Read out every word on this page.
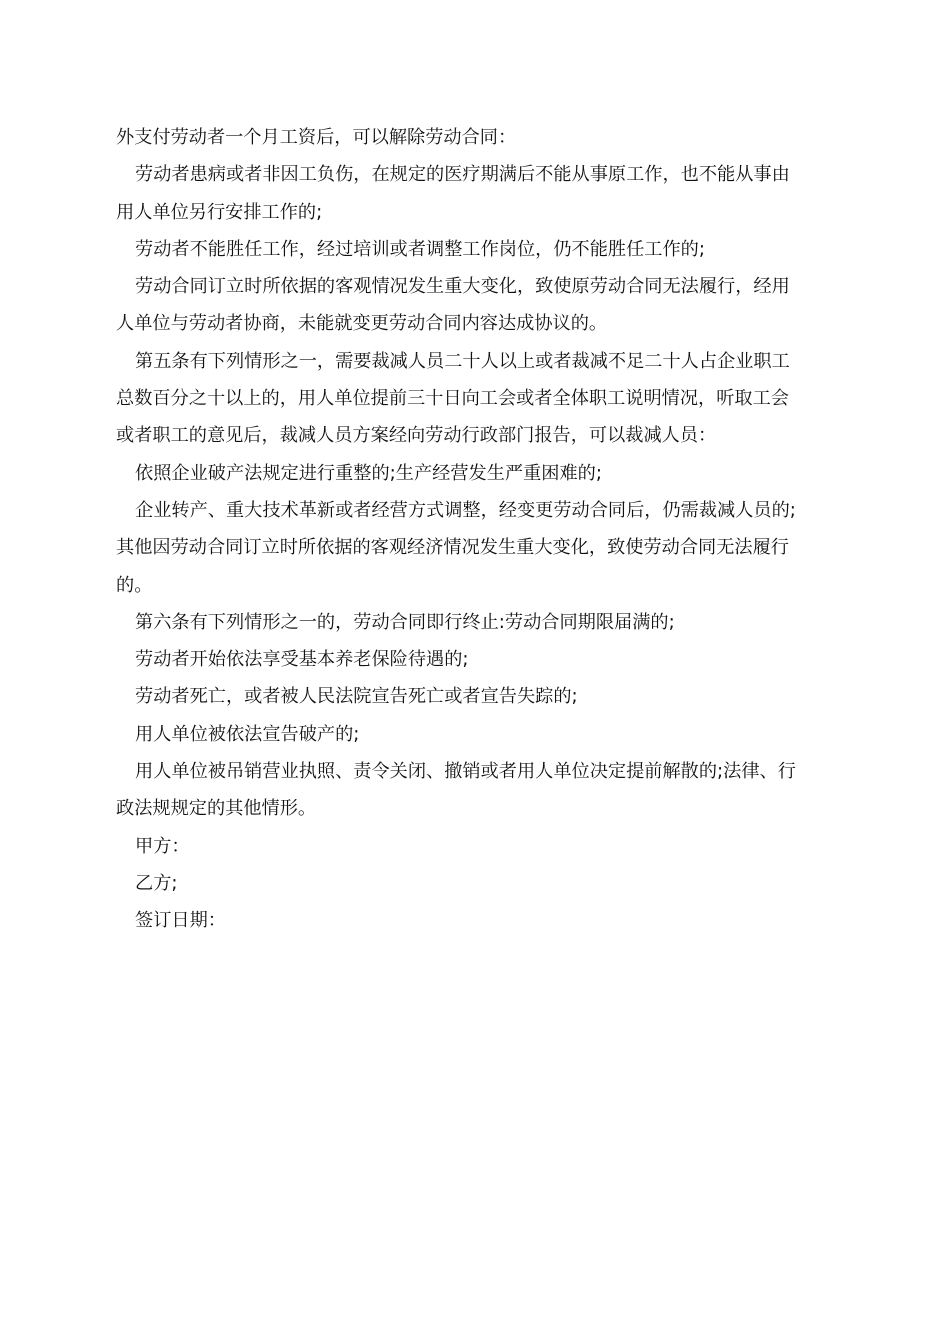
外支付劳动者一个月工资后，可以解除劳动合同：

劳动者患病或者非因工负伤，在规定的医疗期满后不能从事原工作，也不能从事由

用人单位另行安排工作的;

劳动者不能胜任工作，经过培训或者调整工作岗位，仍不能胜任工作的;

劳动合同订立时所依据的客观情况发生重大变化，致使原劳动合同无法履行，经用

人单位与劳动者协商，未能就变更劳动合同内容达成协议的。

第五条有下列情形之一，需要裁减人员二十人以上或者裁减不足二十人占企业职工

总数百分之十以上的，用人单位提前三十日向工会或者全体职工说明情况，听取工会

或者职工的意见后，裁减人员方案经向劳动行政部门报告，可以裁减人员：

依照企业破产法规定进行重整的;生产经营发生严重困难的;

企业转产、重大技术革新或者经营方式调整，经变更劳动合同后，仍需裁减人员的;

其他因劳动合同订立时所依据的客观经济情况发生重大变化，致使劳动合同无法履行

的。

第六条有下列情形之一的，劳动合同即行终止:劳动合同期限届满的;

劳动者开始依法享受基本养老保险待遇的;

劳动者死亡，或者被人民法院宣告死亡或者宣告失踪的;

用人单位被依法宣告破产的;

用人单位被吊销营业执照、责令关闭、撤销或者用人单位决定提前解散的;法律、行

政法规规定的其他情形。

甲方：

乙方;

签订日期：
